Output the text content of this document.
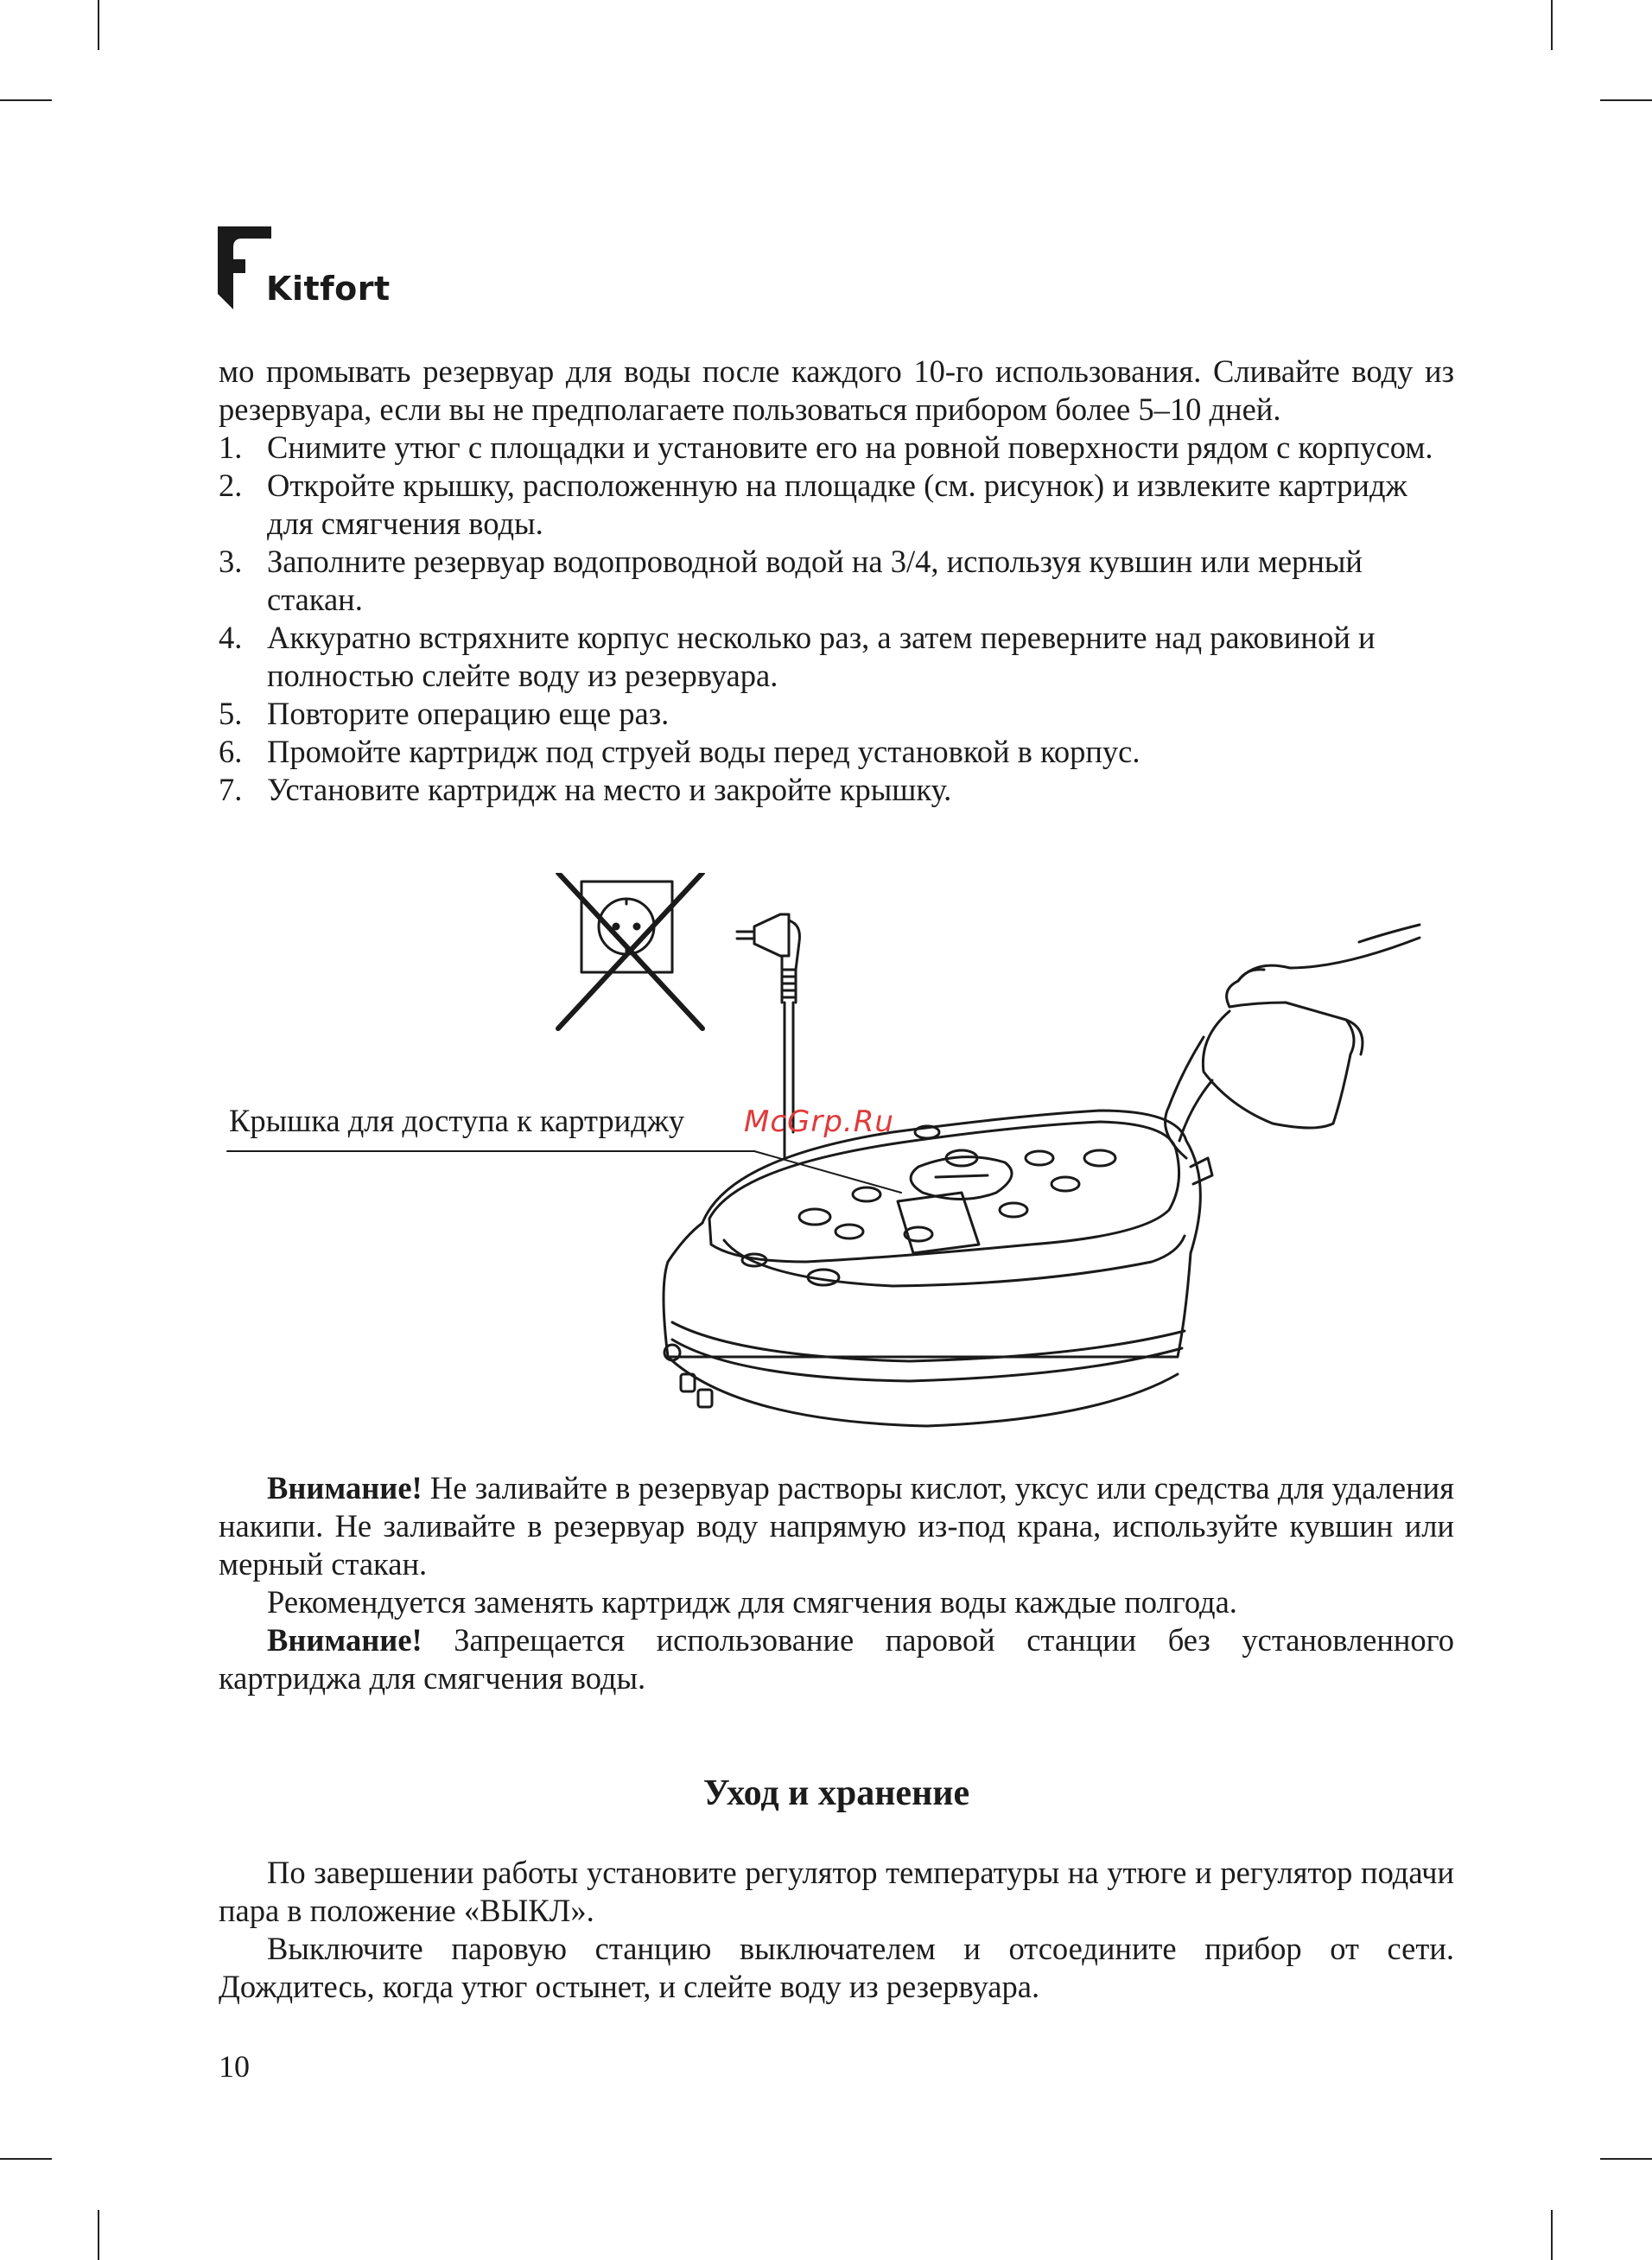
Kitfort

мо промывать резервуар для воды после каждого 10-го использования. Сливайте воду из резервуара, если вы не предполагаете пользоваться прибором более 5–10 дней.

1. Снимите утюг с площадки и установите его на ровной поверхности рядом с корпусом.
2. Откройте крышку, расположенную на площадке (см. рисунок) и извлеките картридж для смягчения воды.
3. Заполните резервуар водопроводной водой на 3/4, используя кувшин или мерный стакан.
4. Аккуратно встряхните корпус несколько раз, а затем переверните над раковиной и полностью слейте воду из резервуара.
5. Повторите операцию еще раз.
6. Промойте картридж под струей воды перед установкой в корпус.
7. Установите картридж на место и закройте крышку.
Крышка для доступа к картриджу McGrp.Ru

Внимание! Не заливайте в резервуар растворы кислот, уксус или средства для удаления накипи. Не заливайте в резервуар воду напрямую из-под крана, используйте кувшин или мерный стакан.

Рекомендуется заменять картридж для смягчения воды каждые полгода.

Внимание! Запрещается использование паровой станции без установленного картриджа для смягчения воды.

Уход и хранение

По завершении работы установите регулятор температуры на утюге и регулятор подачи пара в положение «ВЫКЛ».

Выключите паровую станцию выключателем и отсоедините прибор от сети. Дождитесь, когда утюг остынет, и слейте воду из резервуара.

10
